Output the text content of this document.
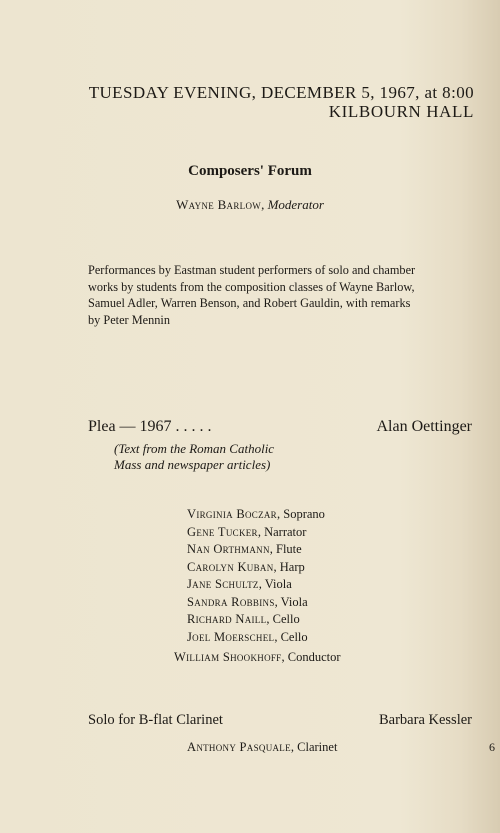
TUESDAY EVENING, DECEMBER 5, 1967, at 8:00
KILBOURN HALL
Composers' Forum
Wayne Barlow, Moderator
Performances by Eastman student performers of solo and chamber works by students from the composition classes of Wayne Barlow, Samuel Adler, Warren Benson, and Robert Gauldin, with remarks by Peter Mennin
Plea — 1967 . . . . .	Alan Oettinger
(Text from the Roman Catholic
Mass and newspaper articles)
Virginia Boczar, Soprano
Gene Tucker, Narrator
Nan Orthmann, Flute
Carolyn Kuban, Harp
Jane Schultz, Viola
Sandra Robbins, Viola
Richard Naill, Cello
Joel Moerschel, Cello
William Shookhoff, Conductor
Solo for B-flat Clarinet	Barbara Kessler
Anthony Pasquale, Clarinet	6
